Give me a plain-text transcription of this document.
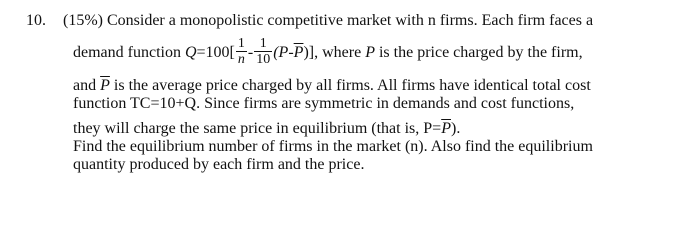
10. (15%) Consider a monopolistic competitive market with n firms. Each firm faces a
demand function $Q=100[ \frac{1}{n} - \frac{1}{10} (P-\overline{P})]$, where P is the price charged by the firm,
and $\overline{P}$ is the average price charged by all firms. All firms have identical total cost
function TC=10+Q. Since firms are symmetric in demands and cost functions,
they will charge the same price in equilibrium (that is, $P=\overline{P}$).
Find the equilibrium number of firms in the market (n). Also find the equilibrium
quantity produced by each firm and the price.
